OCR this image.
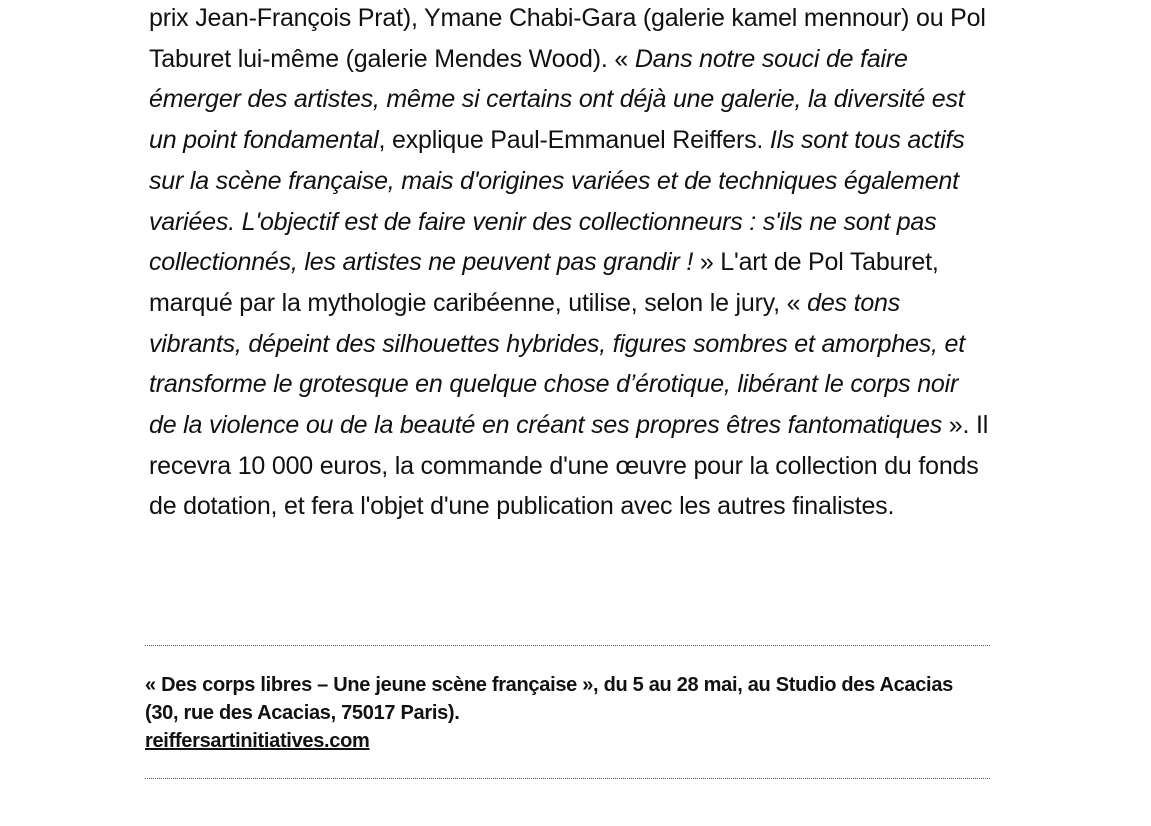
prix Jean-François Prat), Ymane Chabi-Gara (galerie kamel mennour) ou Pol Taburet lui-même (galerie Mendes Wood). « Dans notre souci de faire émerger des artistes, même si certains ont déjà une galerie, la diversité est un point fondamental, explique Paul-Emmanuel Reiffers. Ils sont tous actifs sur la scène française, mais d'origines variées et de techniques également variées. L'objectif est de faire venir des collectionneurs : s'ils ne sont pas collectionnés, les artistes ne peuvent pas grandir ! » L'art de Pol Taburet, marqué par la mythologie caribéenne, utilise, selon le jury, « des tons vibrants, dépeint des silhouettes hybrides, figures sombres et amorphes, et transforme le grotesque en quelque chose d’érotique, libérant le corps noir de la violence ou de la beauté en créant ses propres êtres fantomatiques ». Il recevra 10 000 euros, la commande d'une œuvre pour la collection du fonds de dotation, et fera l'objet d'une publication avec les autres finalistes.

« Des corps libres – Une jeune scène française », du 5 au 28 mai, au Studio des Acacias (30, rue des Acacias, 75017 Paris).
reiffersartinitiatives.com
